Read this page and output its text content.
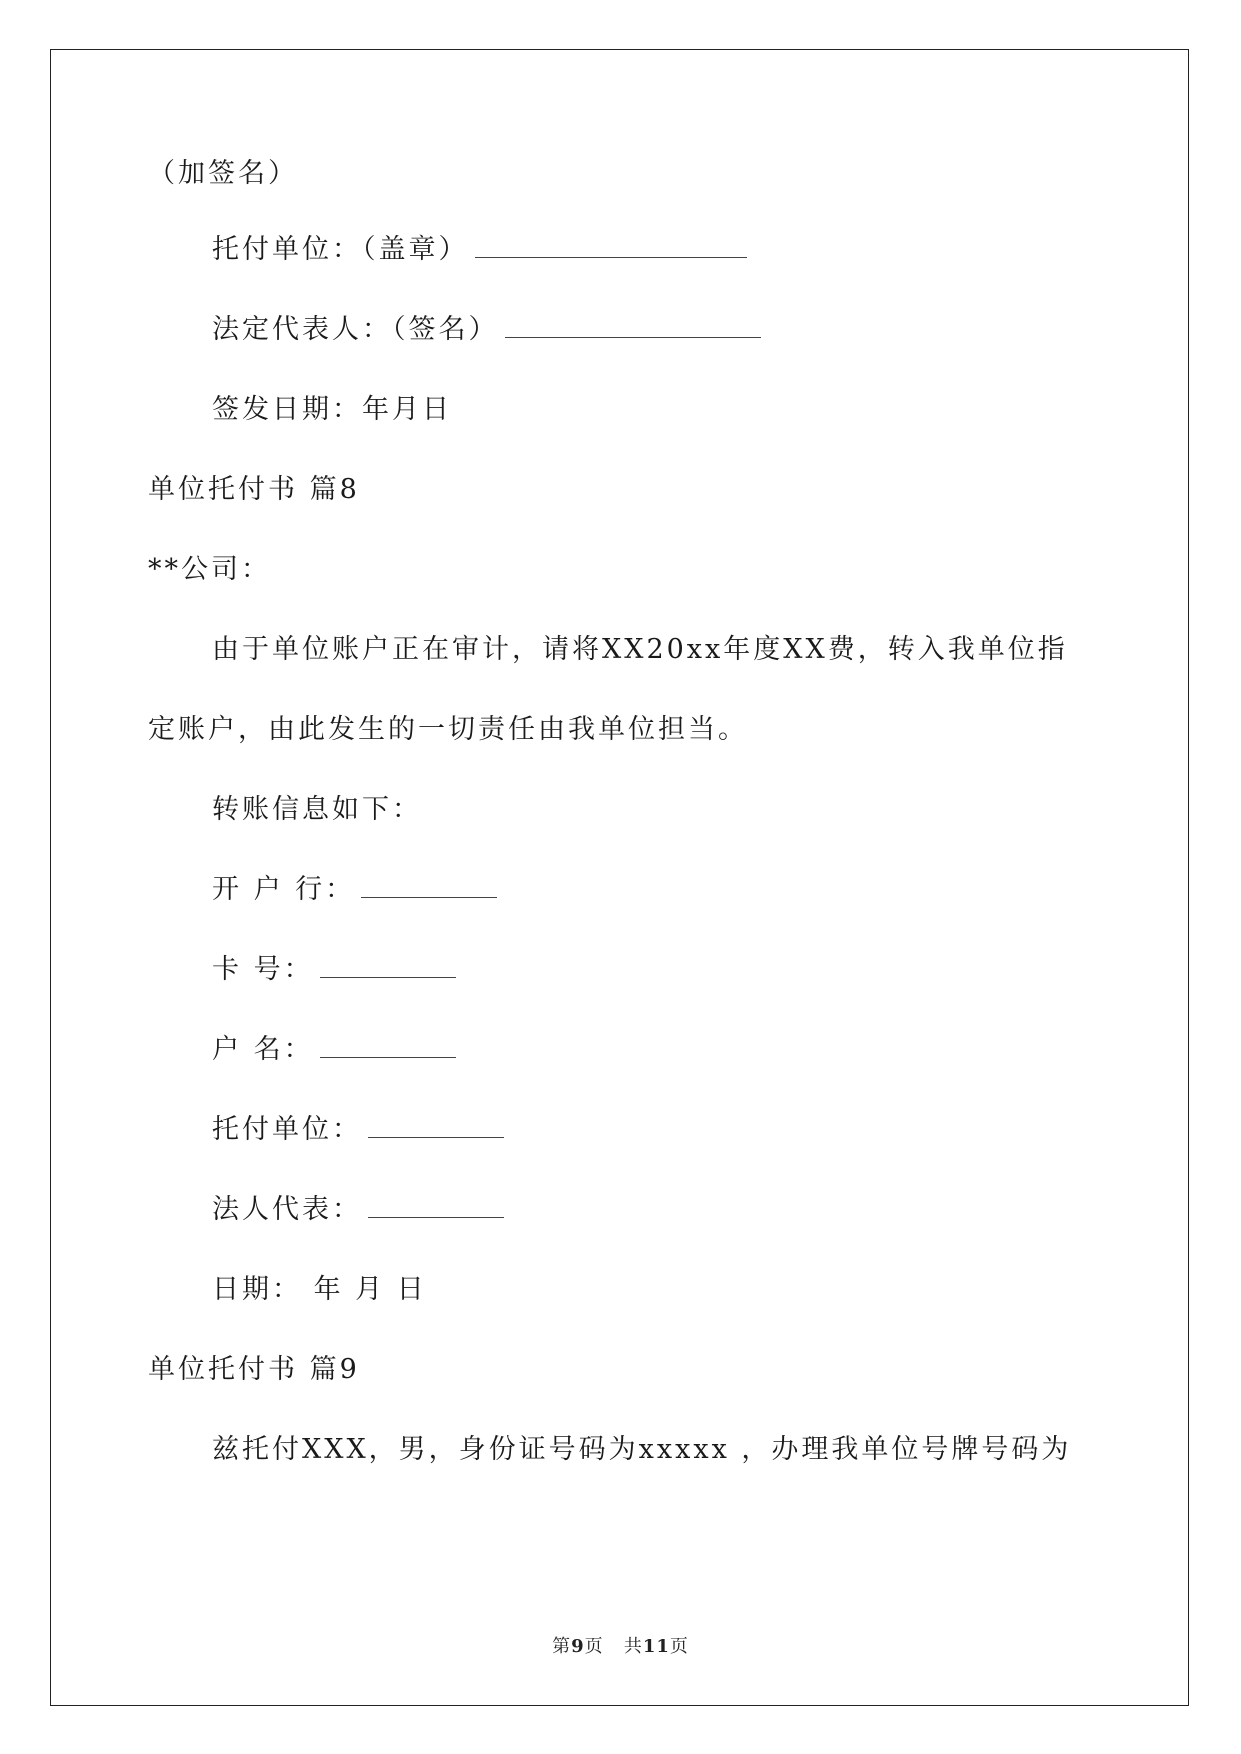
（加签名）
托付单位：（盖章）
法定代表人：（签名）
签发日期：年月日
单位托付书 篇8
**公司：
由于单位账户正在审计，请将XX20xx年度XX费，转入我单位指
定账户，由此发生的一切责任由我单位担当。
转账信息如下：
开 户 行：
卡 号：
户 名：
托付单位：
法人代表：
日期： 年 月 日
单位托付书 篇9
兹托付XXX，男，身份证号码为xxxxx ，办理我单位号牌号码为
第9页 共11页
